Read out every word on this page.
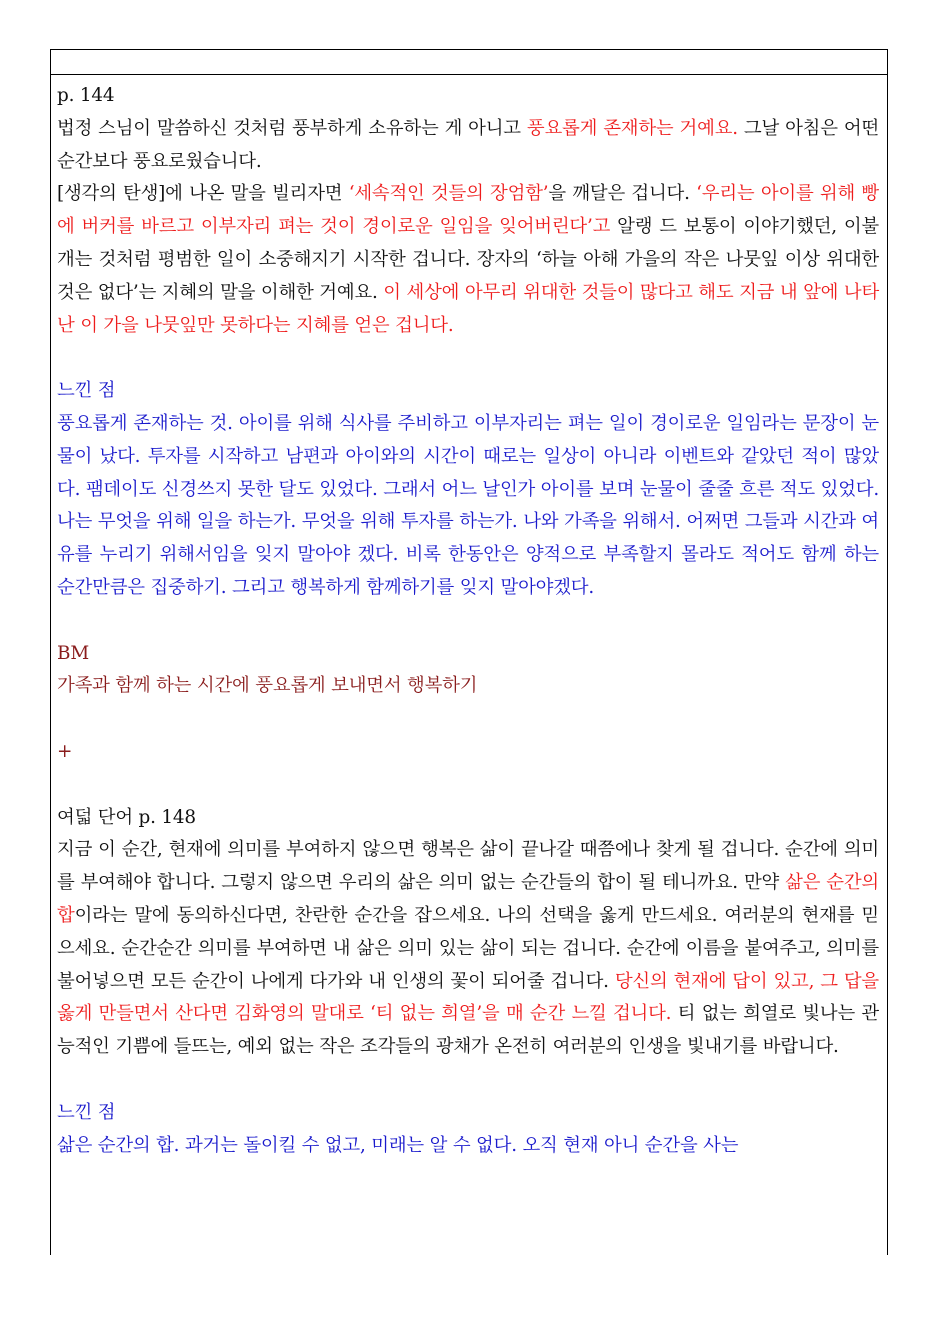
p. 144

법정 스님이 말씀하신 것처럼 풍부하게 소유하는 게 아니고 풍요롭게 존재하는 거예요. 그날 아침은 어떤 순간보다 풍요로웠습니다.

[생각의 탄생]에 나온 말을 빌리자면 ‘세속적인 것들의 장엄함’을 깨달은 겁니다. ‘우리는 아이를 위해 빵에 버커를 바르고 이부자리 펴는 것이 경이로운 일임을 잊어버린다’고 알랭 드 보통이 이야기했던, 이불 개는 것처럼 평범한 일이 소중해지기 시작한 겁니다. 장자의 ‘하늘 아해 가을의 작은 나뭇잎 이상 위대한 것은 없다’는 지혜의 말을 이해한 거예요. 이 세상에 아무리 위대한 것들이 많다고 해도 지금 내 앞에 나타난 이 가을 나뭇잎만 못하다는 지혜를 얻은 겁니다.

느낀 점

풍요롭게 존재하는 것. 아이를 위해 식사를 주비하고 이부자리는 펴는 일이 경이로운 일임라는 문장이 눈물이 났다. 투자를 시작하고 남편과 아이와의 시간이 때로는 일상이 아니라 이벤트와 같았던 적이 많았다. 팸데이도 신경쓰지 못한 달도 있었다. 그래서 어느 날인가 아이를 보며 눈물이 줄줄 흐른 적도 있었다. 나는 무엇을 위해 일을 하는가. 무엇을 위해 투자를 하는가. 나와 가족을 위해서. 어쩌면 그들과 시간과 여유를 누리기 위해서임을 잊지 말아야 겠다. 비록 한동안은 양적으로 부족할지 몰라도 적어도 함께 하는 순간만큼은 집중하기. 그리고 행복하게 함께하기를 잊지 말아야겠다.

BM

가족과 함께 하는 시간에 풍요롭게 보내면서 행복하기

+

여덟 단어 p. 148

지금 이 순간, 현재에 의미를 부여하지 않으면 행복은 삶이 끝나갈 때쯤에나 찾게 될 겁니다. 순간에 의미를 부여해야 합니다. 그렇지 않으면 우리의 삶은 의미 없는 순간들의 합이 될 테니까요. 만약 삶은 순간의 합이라는 말에 동의하신다면, 찬란한 순간을 잡으세요. 나의 선택을 옳게 만드세요. 여러분의 현재를 믿으세요. 순간순간 의미를 부여하면 내 삶은 의미 있는 삶이 되는 겁니다. 순간에 이름을 붙여주고, 의미를 불어넣으면 모든 순간이 나에게 다가와 내 인생의 꽃이 되어줄 겁니다. 당신의 현재에 답이 있고, 그 답을 옳게 만들면서 산다면 김화영의 말대로 ‘티 없는 희열’을 매 순간 느낄 겁니다. 티 없는 희열로 빛나는 관능적인 기쁨에 들뜨는, 예외 없는 작은 조각들의 광채가 온전히 여러분의 인생을 빛내기를 바랍니다.

느낀 점

삶은 순간의 합. 과거는 돌이킬 수 없고, 미래는 알 수 없다. 오직 현재 아니 순간을 사는
